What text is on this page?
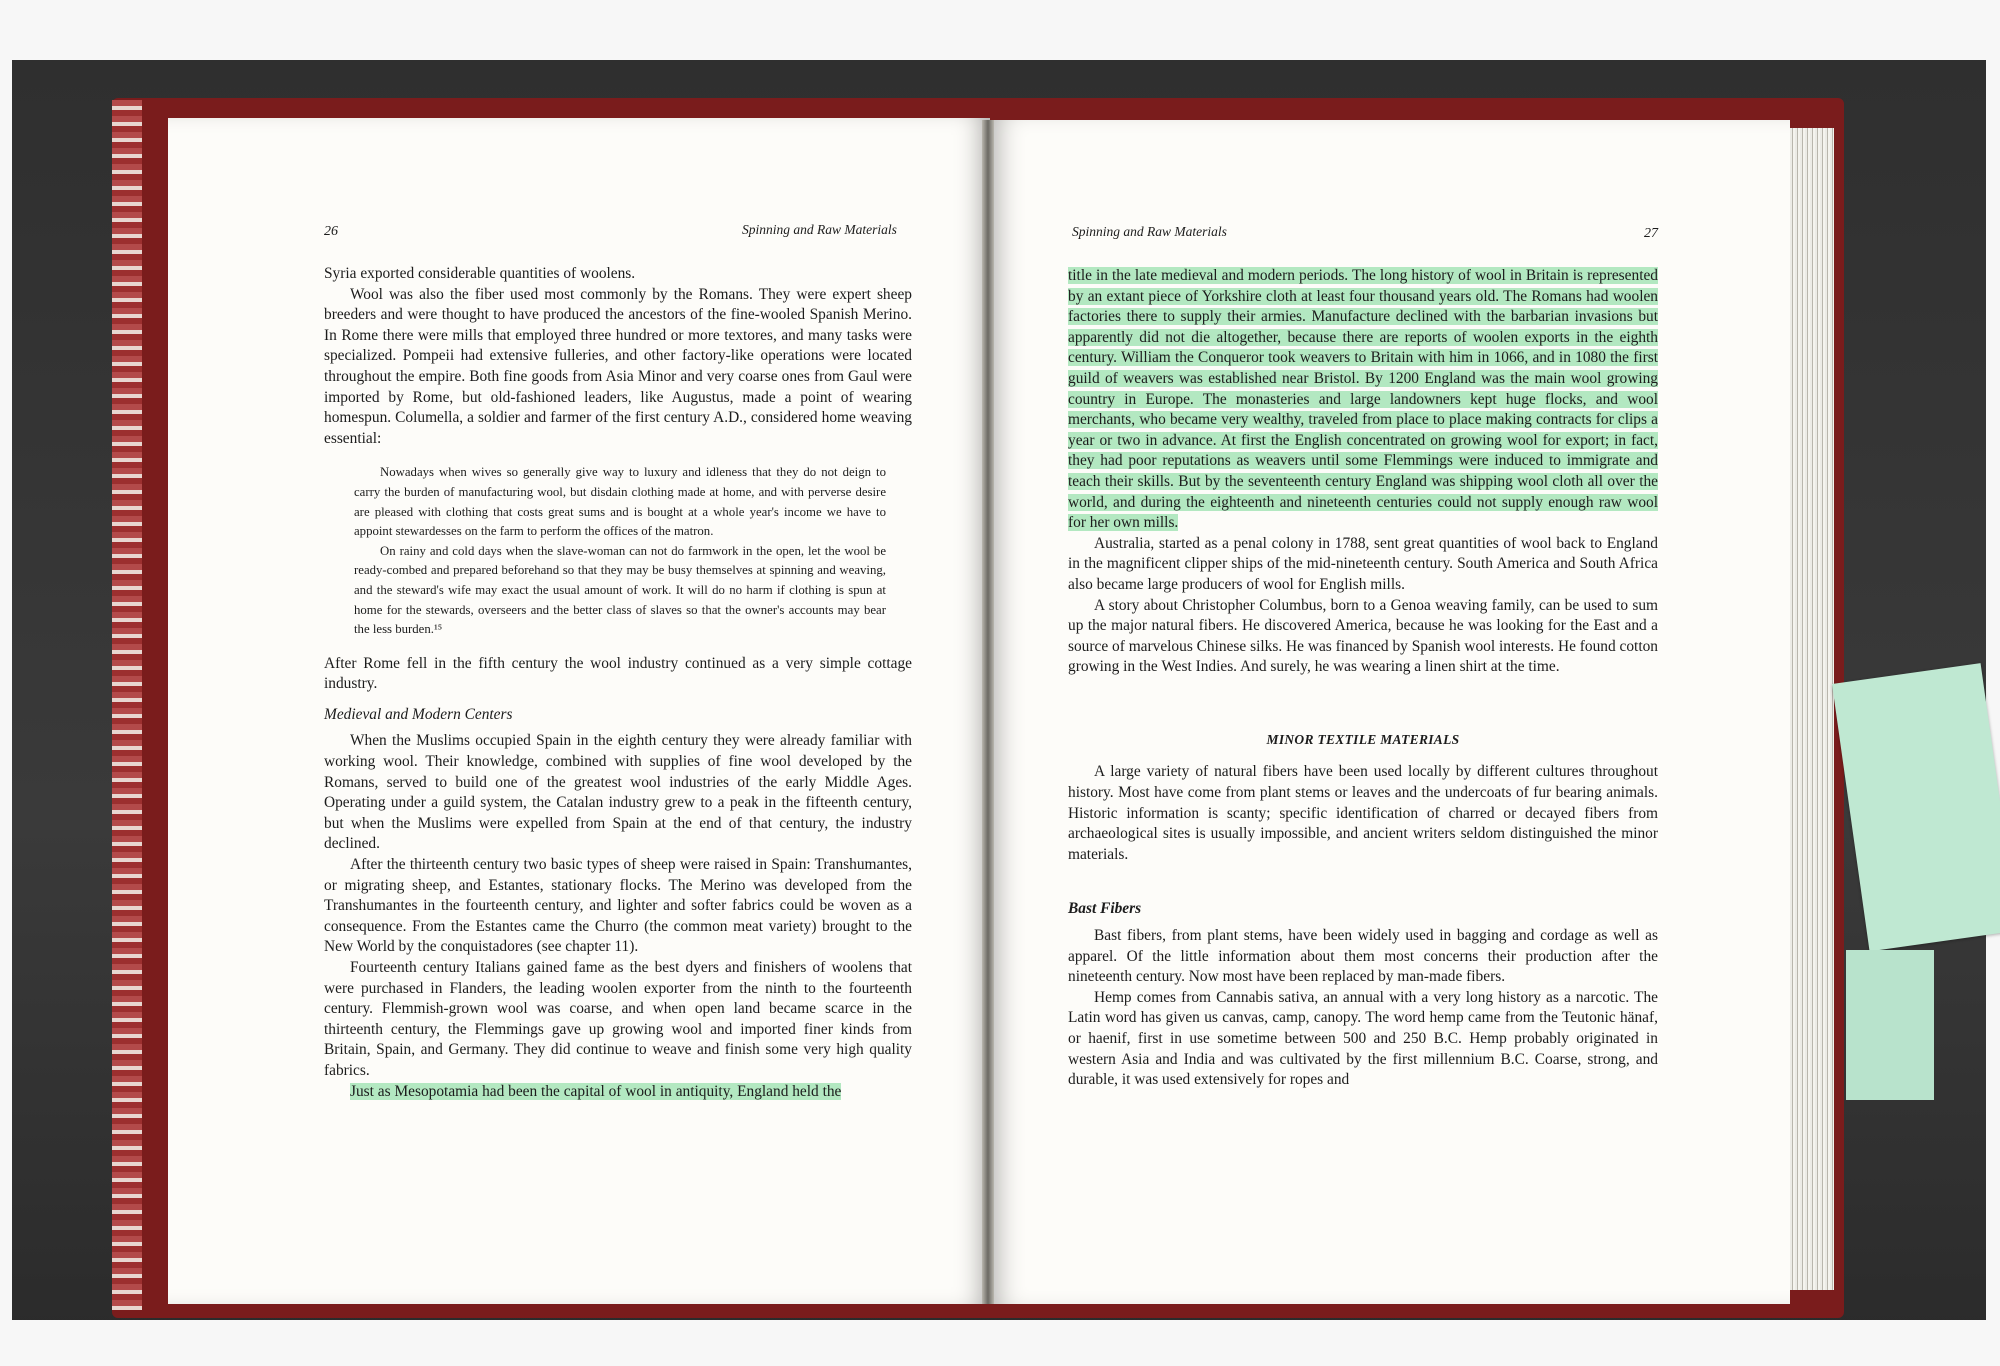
26	Spinning and Raw Materials

Syria exported considerable quantities of woolens.

Wool was also the fiber used most commonly by the Romans. They were expert sheep breeders and were thought to have produced the ancestors of the fine-wooled Spanish Merino. In Rome there were mills that employed three hundred or more textores, and many tasks were specialized. Pompeii had extensive fulleries, and other factory-like operations were located throughout the empire. Both fine goods from Asia Minor and very coarse ones from Gaul were imported by Rome, but old-fashioned leaders, like Augustus, made a point of wearing homespun. Columella, a soldier and farmer of the first century A.D., considered home weaving essential:

Nowadays when wives so generally give way to luxury and idleness that they do not deign to carry the burden of manufacturing wool, but disdain clothing made at home, and with perverse desire are pleased with clothing that costs great sums and is bought at a whole year's income we have to appoint stewardesses on the farm to perform the offices of the matron.

On rainy and cold days when the slave-woman can not do farmwork in the open, let the wool be ready-combed and prepared beforehand so that they may be busy themselves at spinning and weaving, and the steward's wife may exact the usual amount of work. It will do no harm if clothing is spun at home for the stewards, overseers and the better class of slaves so that the owner's accounts may bear the less burden.¹⁵

After Rome fell in the fifth century the wool industry continued as a very simple cottage industry.

Medieval and Modern Centers

When the Muslims occupied Spain in the eighth century they were already familiar with working wool. Their knowledge, combined with supplies of fine wool developed by the Romans, served to build one of the greatest wool industries of the early Middle Ages. Operating under a guild system, the Catalan industry grew to a peak in the fifteenth century, but when the Muslims were expelled from Spain at the end of that century, the industry declined.

After the thirteenth century two basic types of sheep were raised in Spain: Transhumantes, or migrating sheep, and Estantes, stationary flocks. The Merino was developed from the Transhumantes in the fourteenth century, and lighter and softer fabrics could be woven as a consequence. From the Estantes came the Churro (the common meat variety) brought to the New World by the conquistadores (see chapter 11).

Fourteenth century Italians gained fame as the best dyers and finishers of woolens that were purchased in Flanders, the leading woolen exporter from the ninth to the fourteenth century. Flemmish-grown wool was coarse, and when open land became scarce in the thirteenth century, the Flemmings gave up growing wool and imported finer kinds from Britain, Spain, and Germany. They did continue to weave and finish some very high quality fabrics.

Just as Mesopotamia had been the capital of wool in antiquity, England held the

Spinning and Raw Materials	27

title in the late medieval and modern periods. The long history of wool in Britain is represented by an extant piece of Yorkshire cloth at least four thousand years old. The Romans had woolen factories there to supply their armies. Manufacture declined with the barbarian invasions but apparently did not die altogether, because there are reports of woolen exports in the eighth century. William the Conqueror took weavers to Britain with him in 1066, and in 1080 the first guild of weavers was established near Bristol. By 1200 England was the main wool growing country in Europe. The monasteries and large landowners kept huge flocks, and wool merchants, who became very wealthy, traveled from place to place making contracts for clips a year or two in advance. At first the English concentrated on growing wool for export; in fact, they had poor reputations as weavers until some Flemmings were induced to immigrate and teach their skills. But by the seventeenth century England was shipping wool cloth all over the world, and during the eighteenth and nineteenth centuries could not supply enough raw wool for her own mills.

Australia, started as a penal colony in 1788, sent great quantities of wool back to England in the magnificent clipper ships of the mid-nineteenth century. South America and South Africa also became large producers of wool for English mills.

A story about Christopher Columbus, born to a Genoa weaving family, can be used to sum up the major natural fibers. He discovered America, because he was looking for the East and a source of marvelous Chinese silks. He was financed by Spanish wool interests. He found cotton growing in the West Indies. And surely, he was wearing a linen shirt at the time.

MINOR TEXTILE MATERIALS

A large variety of natural fibers have been used locally by different cultures throughout history. Most have come from plant stems or leaves and the undercoats of fur bearing animals. Historic information is scanty; specific identification of charred or decayed fibers from archaeological sites is usually impossible, and ancient writers seldom distinguished the minor materials.

Bast Fibers

Bast fibers, from plant stems, have been widely used in bagging and cordage as well as apparel. Of the little information about them most concerns their production after the nineteenth century. Now most have been replaced by man-made fibers.

Hemp comes from Cannabis sativa, an annual with a very long history as a narcotic. The Latin word has given us canvas, camp, canopy. The word hemp came from the Teutonic hänaf, or haenif, first in use sometime between 500 and 250 B.C. Hemp probably originated in western Asia and India and was cultivated by the first millennium B.C. Coarse, strong, and durable, it was used extensively for ropes and
